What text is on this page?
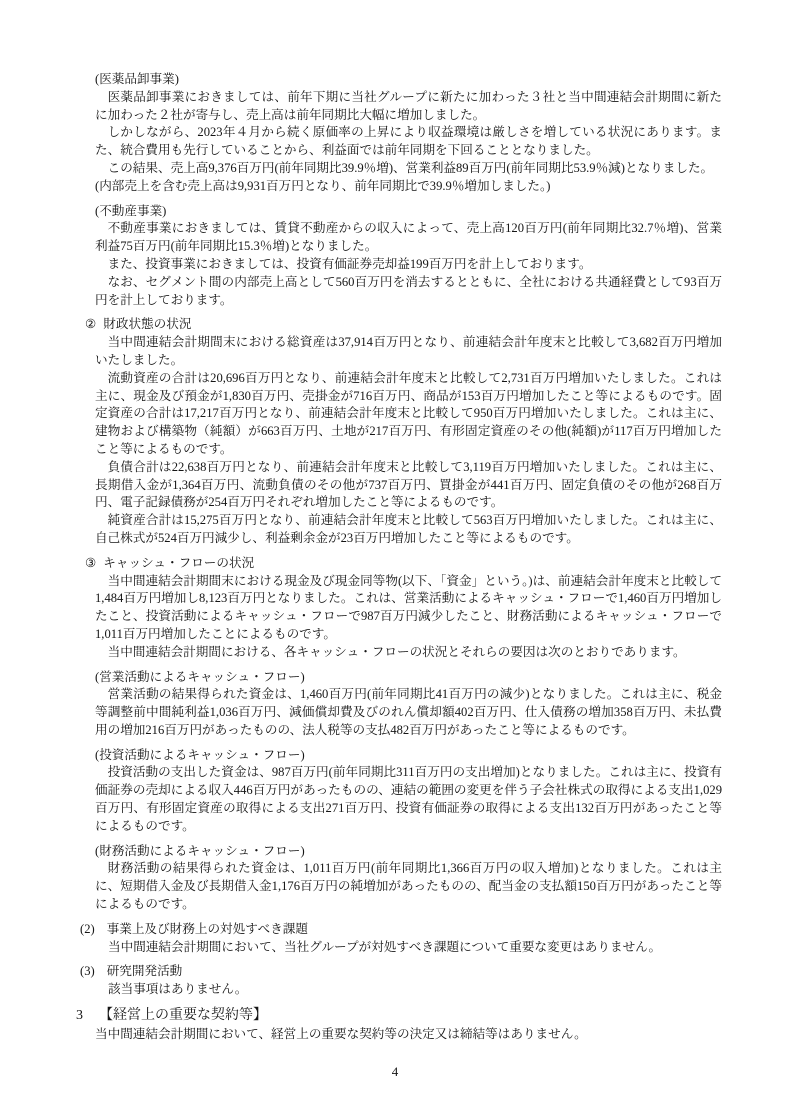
(医薬品卸事業)
医薬品卸事業におきましては、前年下期に当社グループに新たに加わった３社と当中間連結会計期間に新たに加わった２社が寄与し、売上高は前年同期比大幅に増加しました。
しかしながら、2023年４月から続く原価率の上昇により収益環境は厳しさを増している状況にあります。また、統合費用も先行していることから、利益面では前年同期を下回ることとなりました。
この結果、売上高9,376百万円(前年同期比39.9％増)、営業利益89百万円(前年同期比53.9％減)となりました。
(内部売上を含む売上高は9,931百万円となり、前年同期比で39.9％増加しました。)
(不動産事業)
不動産事業におきましては、賃貸不動産からの収入によって、売上高120百万円(前年同期比32.7％増)、営業利益75百万円(前年同期比15.3％増)となりました。
また、投資事業におきましては、投資有価証券売却益199百万円を計上しております。
なお、セグメント間の内部売上高として560百万円を消去するとともに、全社における共通経費として93百万円を計上しております。
② 財政状態の状況
当中間連結会計期間末における総資産は37,914百万円となり、前連結会計年度末と比較して3,682百万円増加いたしました。
流動資産の合計は20,696百万円となり、前連結会計年度末と比較して2,731百万円増加いたしました。これは主に、現金及び預金が1,830百万円、売掛金が716百万円、商品が153百万円増加したこと等によるものです。固定資産の合計は17,217百万円となり、前連結会計年度末と比較して950百万円増加いたしました。これは主に、建物および構築物（純額）が663百万円、土地が217百万円、有形固定資産のその他(純額)が117百万円増加したこと等によるものです。
負債合計は22,638百万円となり、前連結会計年度末と比較して3,119百万円増加いたしました。これは主に、長期借入金が1,364百万円、流動負債のその他が737百万円、買掛金が441百万円、固定負債のその他が268百万円、電子記録債務が254百万円それぞれ増加したこと等によるものです。
純資産合計は15,275百万円となり、前連結会計年度末と比較して563百万円増加いたしました。これは主に、自己株式が524百万円減少し、利益剰余金が23百万円増加したこと等によるものです。
③ キャッシュ・フローの状況
当中間連結会計期間末における現金及び現金同等物(以下、「資金」という。)は、前連結会計年度末と比較して1,484百万円増加し8,123百万円となりました。これは、営業活動によるキャッシュ・フローで1,460百万円増加したこと、投資活動によるキャッシュ・フローで987百万円減少したこと、財務活動によるキャッシュ・フローで1,011百万円増加したことによるものです。
当中間連結会計期間における、各キャッシュ・フローの状況とそれらの要因は次のとおりであります。
(営業活動によるキャッシュ・フロー)
営業活動の結果得られた資金は、1,460百万円(前年同期比41百万円の減少)となりました。これは主に、税金等調整前中間純利益1,036百万円、減価償却費及びのれん償却額402百万円、仕入債務の増加358百万円、未払費用の増加216百万円があったものの、法人税等の支払482百万円があったこと等によるものです。
(投資活動によるキャッシュ・フロー)
投資活動の支出した資金は、987百万円(前年同期比311百万円の支出増加)となりました。これは主に、投資有価証券の売却による収入446百万円があったものの、連結の範囲の変更を伴う子会社株式の取得による支出1,029百万円、有形固定資産の取得による支出271百万円、投資有価証券の取得による支出132百万円があったこと等によるものです。
(財務活動によるキャッシュ・フロー)
財務活動の結果得られた資金は、1,011百万円(前年同期比1,366百万円の収入増加)となりました。これは主に、短期借入金及び長期借入金1,176百万円の純増加があったものの、配当金の支払額150百万円があったこと等によるものです。
(2) 事業上及び財務上の対処すべき課題
当中間連結会計期間において、当社グループが対処すべき課題について重要な変更はありません。
(3) 研究開発活動
該当事項はありません。
3 【経営上の重要な契約等】
当中間連結会計期間において、経営上の重要な契約等の決定又は締結等はありません。
4
